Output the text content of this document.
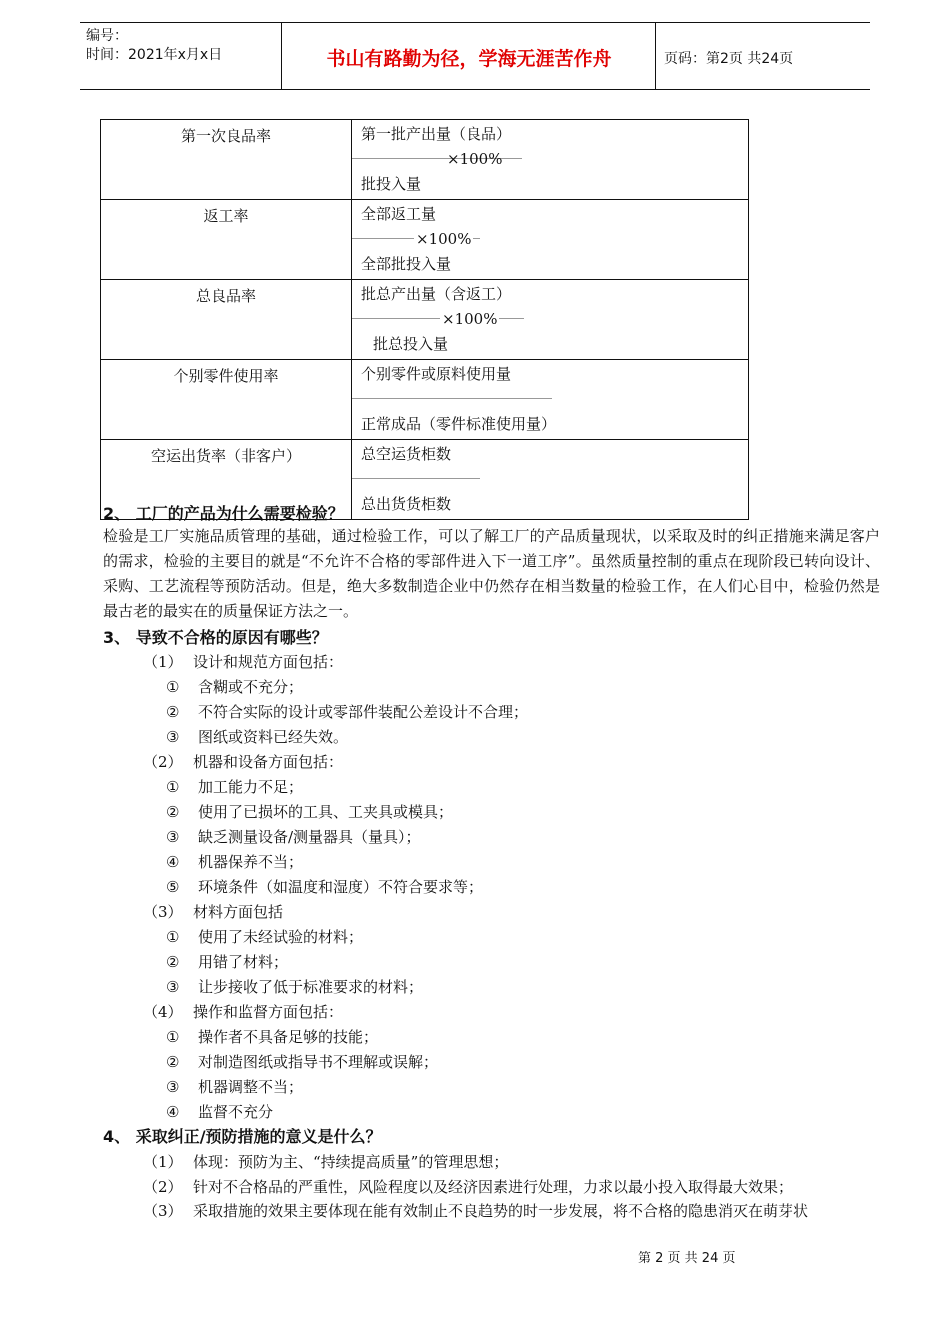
编号：
时间：2021年x月x日	书山有路勤为径，学海无涯苦作舟	页码：第2页 共24页
第一次良品率	第一批产出量（良品）
×100%
批投入量

返工率	全部返工量
×100%
全部批投入量

总良品率	批总产出量（含返工）
×100%
批总投入量

个别零件使用率	个别零件或原料使用量
正常成品（零件标准使用量）

空运出货率（非客户）	总空运货柜数
总出货货柜数
2、 工厂的产品为什么需要检验？
检验是工厂实施品质管理的基础，通过检验工作，可以了解工厂的产品质量现状，以采取及时的纠正措施来满足客户的需求，检验的主要目的就是“不允许不合格的零部件进入下一道工序”。虽然质量控制的重点在现阶段已转向设计、采购、工艺流程等预防活动。但是，绝大多数制造企业中仍然存在相当数量的检验工作，在人们心目中，检验仍然是最古老的最实在的质量保证方法之一。
3、 导致不合格的原因有哪些？
（1） 设计和规范方面包括：
① 含糊或不充分；
② 不符合实际的设计或零部件装配公差设计不合理；
③ 图纸或资料已经失效。
（2） 机器和设备方面包括：
① 加工能力不足；
② 使用了已损坏的工具、工夹具或模具；
③ 缺乏测量设备/测量器具（量具）；
④ 机器保养不当；
⑤ 环境条件（如温度和湿度）不符合要求等；
（3） 材料方面包括
① 使用了未经试验的材料；
② 用错了材料；
③ 让步接收了低于标准要求的材料；
（4） 操作和监督方面包括：
① 操作者不具备足够的技能；
② 对制造图纸或指导书不理解或误解；
③ 机器调整不当；
④ 监督不充分
4、 采取纠正/预防措施的意义是什么？
（1） 体现：预防为主、“持续提高质量”的管理思想；
（2） 针对不合格品的严重性，风险程度以及经济因素进行处理，力求以最小投入取得最大效果；
（3） 采取措施的效果主要体现在能有效制止不良趋势的时一步发展，将不合格的隐患消灭在萌芽状
第 2 页 共 24 页
